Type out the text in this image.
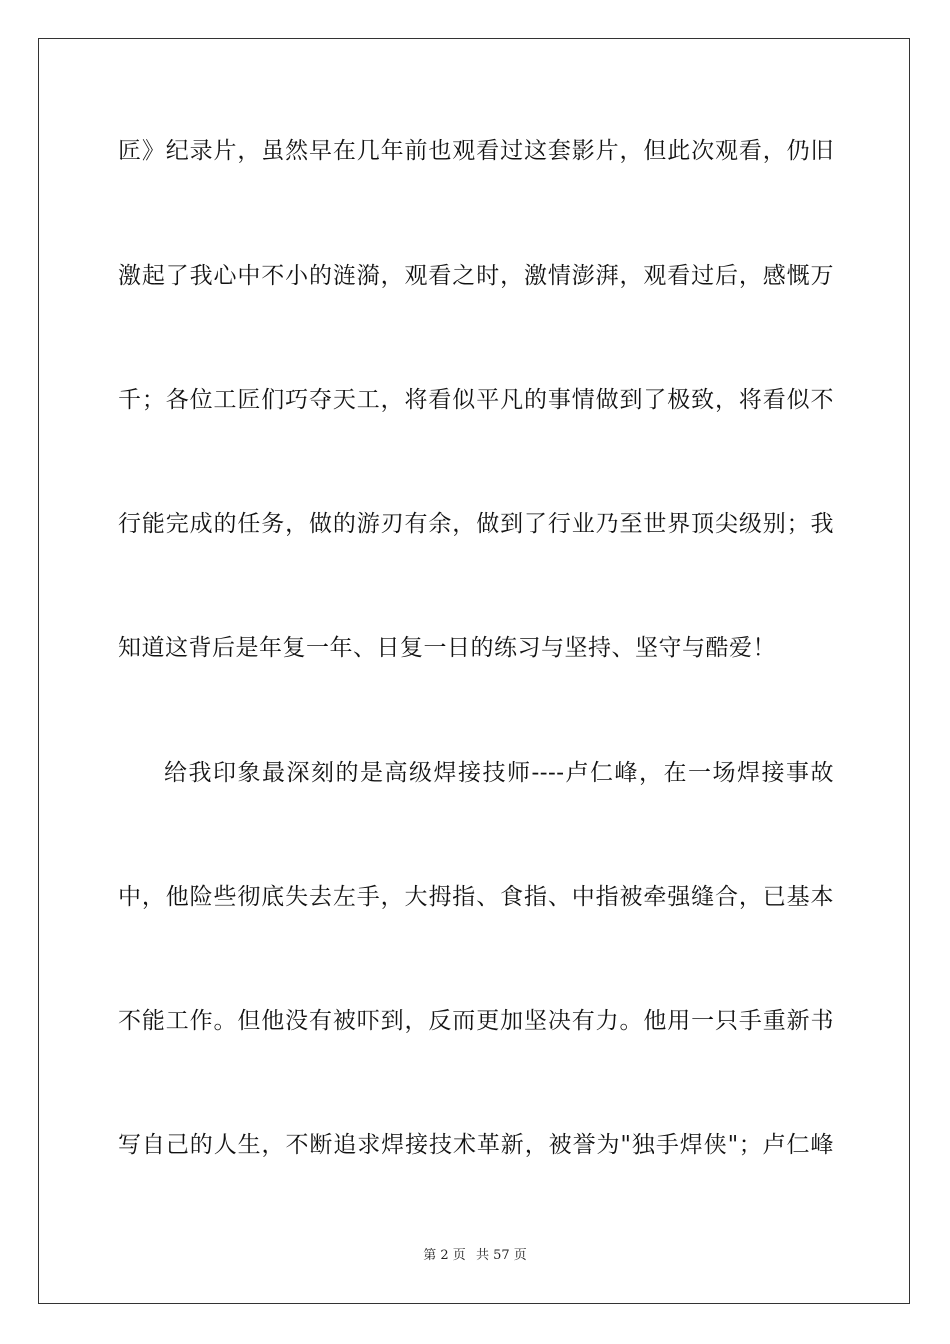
匠》纪录片，虽然早在几年前也观看过这套影片，但此次观看，仍旧
激起了我心中不小的涟漪，观看之时，激情澎湃，观看过后，感慨万
千；各位工匠们巧夺天工，将看似平凡的事情做到了极致，将看似不
行能完成的任务，做的游刃有余，做到了行业乃至世界顶尖级别；我
知道这背后是年复一年、日复一日的练习与坚持、坚守与酷爱！
给我印象最深刻的是高级焊接技师----卢仁峰，在一场焊接事故
中，他险些彻底失去左手，大拇指、食指、中指被牵强缝合，已基本
不能工作。但他没有被吓到，反而更加坚决有力。他用一只手重新书
写自己的人生，不断追求焊接技术革新，被誉为"独手焊侠"；卢仁峰
第 2 页 共 57 页
